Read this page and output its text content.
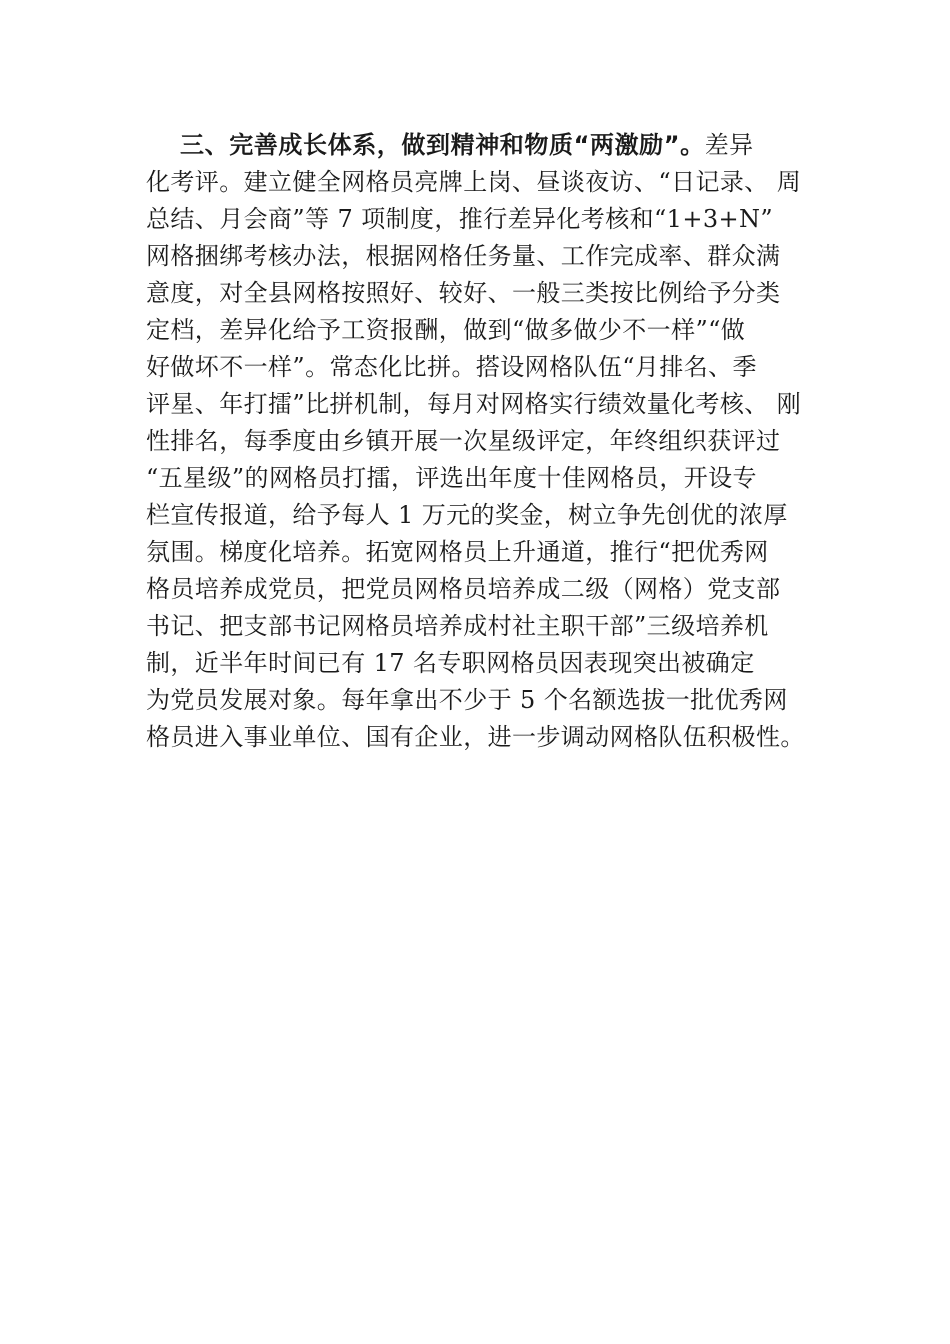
三、完善成长体系，做到精神和物质“两激励”。差异
化考评。建立健全网格员亮牌上岗、昼谈夜访、“日记录、 周
总结、月会商”等 7 项制度，推行差异化考核和“1+3+N”
网格捆绑考核办法，根据网格任务量、工作完成率、群众满
意度，对全县网格按照好、较好、一般三类按比例给予分类
定档，差异化给予工资报酬，做到“做多做少不一样”“做
好做坏不一样”。常态化比拼。搭设网格队伍“月排名、季
评星、年打擂”比拼机制，每月对网格实行绩效量化考核、 刚
性排名，每季度由乡镇开展一次星级评定，年终组织获评过
“五星级”的网格员打擂，评选出年度十佳网格员，开设专
栏宣传报道，给予每人 1 万元的奖金，树立争先创优的浓厚
氛围。梯度化培养。拓宽网格员上升通道，推行“把优秀网
格员培养成党员，把党员网格员培养成二级（网格）党支部
书记、把支部书记网格员培养成村社主职干部”三级培养机
制，近半年时间已有 17 名专职网格员因表现突出被确定
为党员发展对象。每年拿出不少于 5 个名额选拔一批优秀网
格员进入事业单位、国有企业，进一步调动网格队伍积极性。
